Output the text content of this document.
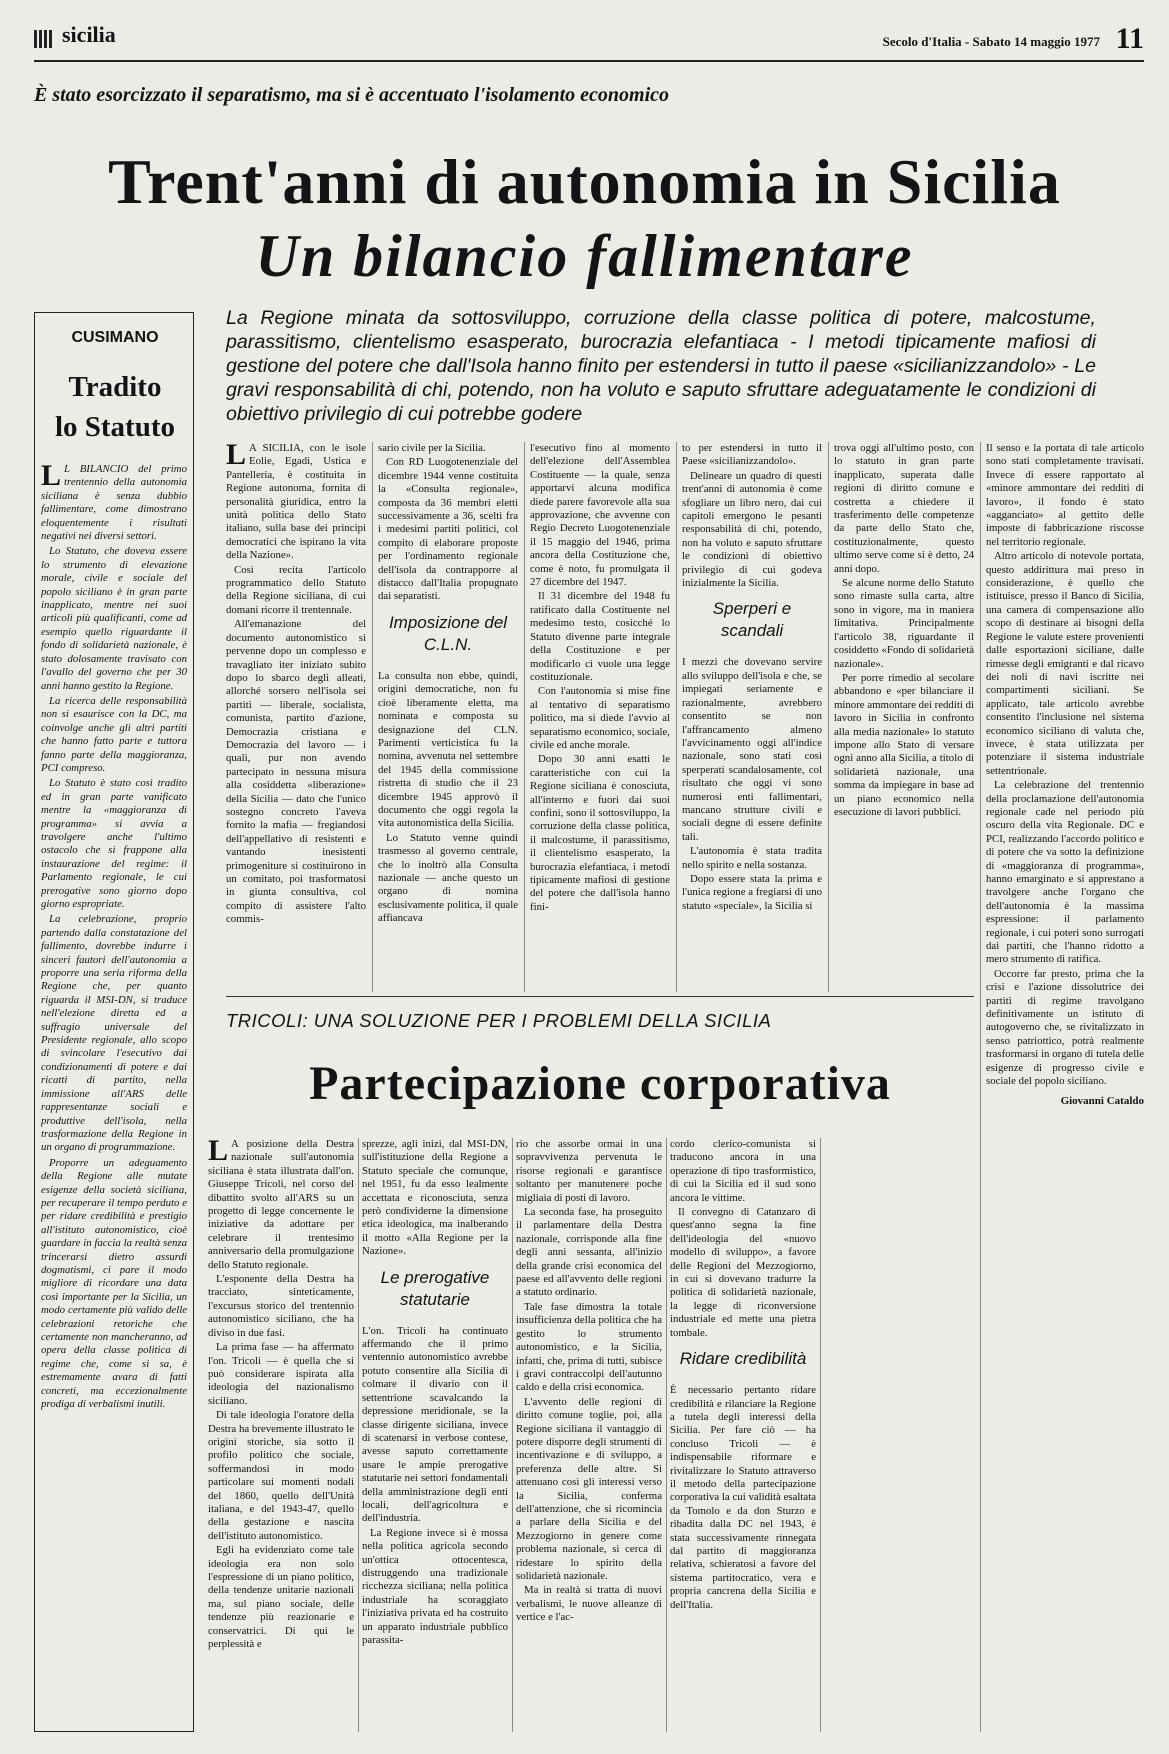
sicilia	Secolo d'Italia - Sabato 14 maggio 1977 11
È stato esorcizzato il separatismo, ma si è accentuato l'isolamento economico
Trent'anni di autonomia in Sicilia
Un bilancio fallimentare
CUSIMANO
Tradito
lo Statuto

L L BILANCIO del primo trentennio della autonomia siciliana è senza dubbio fallimentare, come dimostrano eloquentemente i risultati negativi nei diversi settori.

Lo Statuto, che doveva essere lo strumento di elevazione morale, civile e sociale del popolo siciliano è in gran parte inapplicato, mentre nei suoi articoli più qualificanti, come ad esempio quello riguardante il fondo di solidarietà nazionale, è stato dolosamente travisato con l'avallo del governo che per 30 anni hanno gestito la Regione.

La ricerca delle responsabilità non si esaurisce con la DC, ma coinvolge anche gli altri partiti che hanno fatto parte e tuttora fanno parte della maggioranza, PCI compreso.

Lo Statuto è stato così tradito ed in gran parte vanificato mentre la «maggioranza di programma» si avvia a travolgere anche l'ultimo ostacolo che si frappone alla instaurazione del regime: il Parlamento regionale, le cui prerogative sono giorno dopo giorno espropriate.

La celebrazione, proprio partendo dalla constatazione del fallimento, dovrebbe indurre i sinceri fautori dell'autonomia a proporre una seria riforma della Regione che, per quanto riguarda il MSI-DN, si traduce nell'elezione diretta ed a suffragio universale del Presidente regionale, allo scopo di svincolare l'esecutivo dai condizionamenti di potere e dai ricatti di partito, nella immissione all'ARS delle rappresentanze sociali e produttive dell'isola, nella trasformazione della Regione in un organo di programmazione.

Proporre un adeguamento della Regione alle mutate esigenze della società siciliana, per recuperare il tempo perduto e per ridare credibilità e prestigio all'istituto autonomistico, cioè guardare in faccia la realtà senza trincerarsi dietro assurdi dogmatismi, ci pare il modo migliore di ricordare una data così importante per la Sicilia, un modo certamente più valido delle celebrazioni retoriche che certamente non mancheranno, ad opera della classe politica di regime che, come si sa, è estremamente avara di fatti concreti, ma eccezionalmente prodiga di verbalismi inutili.

La Regione minata da sottosviluppo, corruzione della classe politica di potere, malcostume, parassitismo, clientelismo esasperato, burocrazia elefantiaca - I metodi tipicamente mafiosi di gestione del potere che dall'Isola hanno finito per estendersi in tutto il paese «sicilianizzandolo» - Le gravi responsabilità di chi, potendo, non ha voluto e saputo sfruttare adeguatamente le condizioni di obiettivo privilegio di cui potrebbe godere

L A SICILIA, con le isole Eolie, Egadi, Ustica e Pantelleria, è costituita in Regione autonoma, fornita di personalità giuridica, entro la unità politica dello Stato italiano, sulla base dei principi democratici che ispirano la vita della Nazione».

Così recita l'articolo programmatico dello Statuto della Regione siciliana, di cui domani ricorre il trentennale.

All'emanazione del documento autonomistico si pervenne dopo un complesso e travagliato iter iniziato subito dopo lo sbarco degli alleati, allorché sorsero nell'isola sei partiti — liberale, socialista, comunista, partito d'azione, Democrazia cristiana e Democrazia del lavoro — i quali, pur non avendo partecipato in nessuna misura alla cosiddetta «liberazione» della Sicilia — dato che l'unico sostegno concreto l'aveva fornito la mafia — fregiandosi dell'appellativo di resistenti e vantando inesistenti primogeniture si costituirono in un comitato, poi trasformatosi in giunta consultiva, col compito di assistere l'alto commis-

sario civile per la Sicilia.

Con RD Luogotenenziale del dicembre 1944 venne costituita la «Consulta regionale», composta da 36 membri eletti successivamente a 36, scelti fra i medesimi partiti politici, col compito di elaborare proposte per l'ordinamento regionale dell'isola da contrapporre al distacco dall'Italia propugnato dai separatisti.

Imposizione del C.L.N.

La consulta non ebbe, quindi, origini democratiche, non fu cioè liberamente eletta, ma nominata e composta su designazione del CLN. Parimenti verticistica fu la nomina, avvenuta nel settembre del 1945 della commissione ristretta di studio che il 23 dicembre 1945 approvò il documento che oggi regola la vita autonomistica della Sicilia.

Lo Statuto venne quindi trasmesso al governo centrale, che lo inoltrò alla Consulta nazionale — anche questo un organo di nomina esclusivamente politica, il quale affiancava

l'esecutivo fino al momento dell'elezione dell'Assemblea Costituente — la quale, senza apportarvi alcuna modifica diede parere favorevole alla sua approvazione, che avvenne con Regio Decreto Luogotenenziale il 15 maggio del 1946, prima ancora della Costituzione che, come è noto, fu promulgata il 27 dicembre del 1947.

Il 31 dicembre del 1948 fu ratificato dalla Costituente nel medesimo testo, cosicché lo Statuto divenne parte integrale della Costituzione e per modificarlo ci vuole una legge costituzionale.

Con l'autonomia si mise fine al tentativo di separatismo politico, ma si diede l'avvio al separatismo economico, sociale, civile ed anche morale.

Dopo 30 anni esatti le caratteristiche con cui la Regione siciliana è conosciuta, all'interno e fuori dai suoi confini, sono il sottosviluppo, la corruzione della classe politica, il malcostume, il parassitismo, il clientelismo esasperato, la burocrazia elefantiaca, i metodi tipicamente mafiosi di gestione del potere che dall'isola hanno fini-

to per estendersi in tutto il Paese «sicilianizzandolo».

Delineare un quadro di questi trent'anni di autonomia è come sfogliare un libro nero, dai cui capitoli emergono le pesanti responsabilità di chi, potendo, non ha voluto e saputo sfruttare le condizioni di obiettivo privilegio di cui godeva inizialmente la Sicilia.

Sperperi e scandali

I mezzi che dovevano servire allo sviluppo dell'isola e che, se impiegati seriamente e razionalmente, avrebbero consentito se non l'affrancamento almeno l'avvicinamento oggi all'indice nazionale, sono stati così sperperati scandalosamente, col risultato che oggi vi sono numerosi enti fallimentari, mancano strutture civili e sociali degne di essere definite tali.

L'autonomia è stata tradita nello spirito e nella sostanza.

Dopo essere stata la prima e l'unica regione a fregiarsi di uno statuto «speciale», la Sicilia si

trova oggi all'ultimo posto, con lo statuto in gran parte inapplicato, superata dalle regioni di diritto comune e costretta a chiedere il trasferimento delle competenze da parte dello Stato che, costituzionalmente, questo ultimo serve come si è detto, 24 anni dopo.

Se alcune norme dello Statuto sono rimaste sulla carta, altre sono in vigore, ma in maniera limitativa. Principalmente l'articolo 38, riguardante il cosiddetto «Fondo di solidarietà nazionale».

Per porre rimedio al secolare abbandono e «per bilanciare il minore ammontare dei redditi di lavoro in Sicilia in confronto alla media nazionale» lo statuto impone allo Stato di versare ogni anno alla Sicilia, a titolo di solidarietà nazionale, una somma da impiegare in base ad un piano economico nella esecuzione di lavori pubblici.

Il senso e la portata di tale articolo sono stati completamente travisati. Invece di essere rapportato al «minore ammontare dei redditi di lavoro», il fondo è stato «agganciato» al gettito delle imposte di fabbricazione riscosse nel territorio regionale.

Altro articolo di notevole portata, questo addirittura mai preso in considerazione, è quello che istituisce, presso il Banco di Sicilia, una camera di compensazione allo scopo di destinare ai bisogni della Regione le valute estere provenienti dalle esportazioni siciliane, dalle rimesse degli emigranti e dal ricavo dei noli di navi iscritte nei compartimenti siciliani. Se applicato, tale articolo avrebbe consentito l'inclusione nel sistema economico siciliano di valuta che, invece, è stata utilizzata per potenziare il sistema industriale settentrionale.

La celebrazione del trentennio della proclamazione dell'autonomia regionale cade nel periodo più oscuro della vita Regionale. DC e PCI, realizzando l'accordo politico e di potere che va sotto la definizione di «maggioranza di programma», hanno emarginato e si apprestano a travolgere anche l'organo che dell'autonomia è la massima espressione: il parlamento regionale, i cui poteri sono surrogati dai partiti, che l'hanno ridotto a mero strumento di ratifica.

Occorre far presto, prima che la crisi e l'azione dissolutrice dei partiti di regime travolgano definitivamente un istituto di autogoverno che, se rivitalizzato in senso patriottico, potrà realmente trasformarsi in organo di tutela delle esigenze di progresso civile e sociale del popolo siciliano.

Giovanni Cataldo
TRICOLI: UNA SOLUZIONE PER I PROBLEMI DELLA SICILIA
Partecipazione corporativa

L A posizione della Destra nazionale sull'autonomia siciliana è stata illustrata dall'on. Giuseppe Tricoli, nel corso del dibattito svolto all'ARS su un progetto di legge concernente le iniziative da adottare per celebrare il trentesimo anniversario della promulgazione dello Statuto regionale.

L'esponente della Destra ha tracciato, sinteticamente, l'excursus storico del trentennio autonomistico siciliano, che ha diviso in due fasi.

La prima fase — ha affermato l'on. Tricoli — è quella che si può considerare ispirata alla ideologia del nazionalismo siciliano.

Di tale ideologia l'oratore della Destra ha brevemente illustrato le origini storiche, sia sotto il profilo politico che sociale, soffermandosi in modo particolare sui momenti nodali del 1860, quello dell'Unità italiana, e del 1943-47, quello della gestazione e nascita dell'istituto autonomistico.

Egli ha evidenziato come tale ideologia era non solo l'espressione di un piano politico, della tendenze unitarie nazionali ma, sul piano sociale, delle tendenze più reazionarie e conservatrici. Di qui le perplessità e

sprezze, agli inizi, dal MSI-DN, sull'istituzione della Regione a Statuto speciale che comunque, nel 1951, fu da esso lealmente accettata e riconosciuta, senza però condividerne la dimensione etica ideologica, ma inalberando il motto «Alla Regione per la Nazione».

Le prerogative statutarie

L'on. Tricoli ha continuato affermando che il primo ventennio autonomistico avrebbe potuto consentire alla Sicilia di colmare il divario con il settentrione scavalcando la depressione meridionale, se la classe dirigente siciliana, invece di scatenarsi in verbose contese, avesse saputo correttamente usare le ampie prerogative statutarie nei settori fondamentali della amministrazione degli enti locali, dell'agricoltura e dell'industria.

La Regione invece si è mossa nella politica agricola secondo un'ottica ottocentesca, distruggendo una tradizionale ricchezza siciliana; nella politica industriale ha scoraggiato l'iniziativa privata ed ha costruito un apparato industriale pubblico parassita-

rio che assorbe ormai in una sopravvivenza pervenuta le risorse regionali e garantisce soltanto per manutenere poche migliaia di posti di lavoro.

La seconda fase, ha proseguito il parlamentare della Destra nazionale, corrisponde alla fine degli anni sessanta, all'inizio della grande crisi economica del paese ed all'avvento delle regioni a statuto ordinario.

Tale fase dimostra la totale insufficienza della politica che ha gestito lo strumento autonomistico, e la Sicilia, infatti, che, prima di tutti, subisce i gravi contraccolpi dell'autunno caldo e della crisi economica.

L'avvento delle regioni di diritto comune toglie, poi, alla Regione siciliana il vantaggio di potere disporre degli strumenti di incentivazione e di sviluppo, a preferenza delle altre. Si attenuano così gli interessi verso la Sicilia, conferma dell'attenzione, che si ricomincia a parlare della Sicilia e del Mezzogiorno in genere come problema nazionale, si cerca di ridestare lo spirito della solidarietà nazionale.

Ma in realtà si tratta di nuovi verbalismi, le nuove alleanze di vertice e l'ac-

cordo clerico-comunista si traducono ancora in una operazione di tipo trasformistico, di cui la Sicilia ed il sud sono ancora le vittime.

Il convegno di Catanzaro di quest'anno segna la fine dell'ideologia del «nuovo modello di sviluppo», a favore delle Regioni del Mezzogiorno, in cui si dovevano tradurre la politica di solidarietà nazionale, la legge di riconversione industriale ed mette una pietra tombale.

Ridare credibilità

È necessario pertanto ridare credibilità e rilanciare la Regione a tutela degli interessi della Sicilia. Per fare ciò — ha concluso Tricoli — è indispensabile riformare e rivitalizzare lo Statuto attraverso il metodo della partecipazione corporativa la cui validità esaltata da Tomolo e da don Sturzo e ribadita dalla DC nel 1943, è stata successivamente rinnegata dal partito di maggioranza relativa, schieratosi a favore del sistema partitocratico, vera e propria cancrena della Sicilia e dell'Italia.
